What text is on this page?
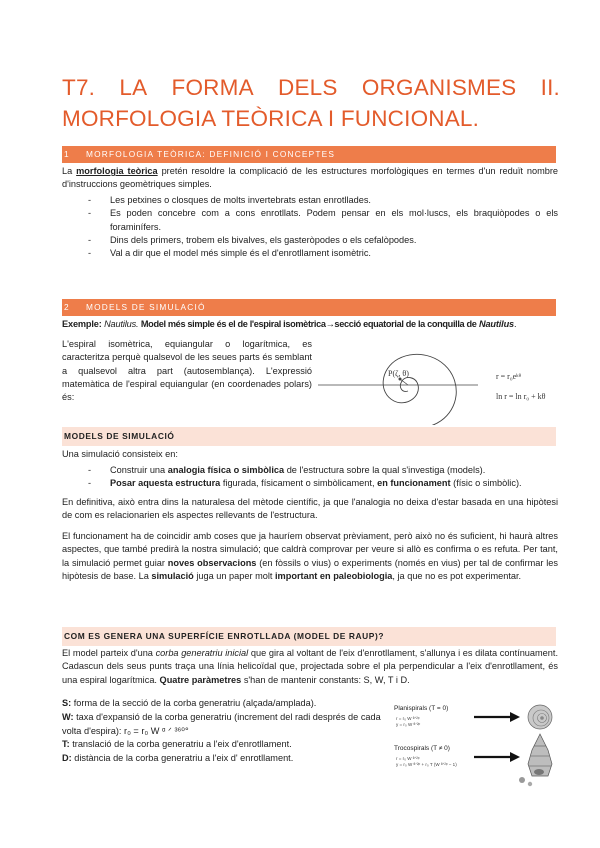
T7. LA FORMA DELS ORGANISMES II.
MORFOLOGIA TEÒRICA I FUNCIONAL.
1	MORFOLOGIA TEÒRICA: DEFINICIÓ I CONCEPTES
La morfologia teòrica pretén resoldre la complicació de les estructures morfològiques en termes d'un reduït nombre d'instruccions geomètriques simples.
- Les petxines o closques de molts invertebrats estan enrotllades.
- Es poden concebre com a cons enrotllats. Podem pensar en els mol·luscs, els braquiòpodes o els foraminífers.
- Dins dels primers, trobem els bivalves, els gasteròpodes o els cefalòpodes.
- Val a dir que el model més simple és el d'enrotllament isomètric.
2	MODELS DE SIMULACIÓ
Exemple: Nautilus. Model més simple és el de l'espiral isomètrica→secció equatorial de la conquilla de Nautilus.
L'espiral isomètrica, equiangular o logarítmica, es caracteritza perquè qualsevol de les seues parts és semblant a qualsevol altra part (autosemblança). L'expressió matemàtica de l'espiral equiangular (en coordenades polars) és:
P(ζ, θ)	r = r₀eᵏᶿ
ln r = ln r₀ + kθ
MODELS DE SIMULACIÓ
Una simulació consisteix en:
- Construir una analogia física o simbòlica de l'estructura sobre la qual s'investiga (models).
- Posar aquesta estructura figurada, físicament o simbòlicament, en funcionament (físic o simbòlic).
En definitiva, això entra dins la naturalesa del mètode científic, ja que l'analogia no deixa d'estar basada en una hipòtesi de com es relacionarien els aspectes rellevants de l'estructura.
El funcionament ha de coincidir amb coses que ja hauríem observat prèviament, però això no és suficient, hi haurà altres aspectes, que també predirà la nostra simulació; que caldrà comprovar per veure si allò es confirma o es refuta. Per tant, la simulació permet guiar noves observacions (en fòssils o vius) o experiments (només en vius) per tal de confirmar les hipòtesis de base. La simulació juga un paper molt important en paleobiologia, ja que no es pot experimentar.
COM ES GENERA UNA SUPERFÍCIE ENROTLLADA (MODEL DE RAUP)?
El model parteix d'una corba generatriu inicial que gira al voltant de l'eix d'enrotllament, s'allunya i es dilata contínuament. Cadascun dels seus punts traça una línia helicoïdal que, projectada sobre el pla perpendicular a l'eix d'enrotllament, és una espiral logarítmica. Quatre paràmetres s'han de mantenir constants: S, W, T i D.
S: forma de la secció de la corba generatriu (alçada/amplada).
W: taxa d'expansió de la corba generatriu (increment del radi després de cada volta d'espira): r₀ = r₀ W ᵅ ᐟ ³⁶⁰°
T: translació de la corba generatriu a l'eix d'enrotllament.
D: distància de la corba generatriu a l'eix d' enrotllament.
Planispirals (T = 0)
r = r₀ W ᶿᐟ²ᵖ
y = r₀ W ᶿᐟ²ᵖ
Trocospirals (T ≠ 0)
r = r₀ W ᶿᐟ²ᵖ
y = r₀ W ᶿᐟ²ᵖ + r₀ T (W ᶿᐟ²ᵖ − 1)
